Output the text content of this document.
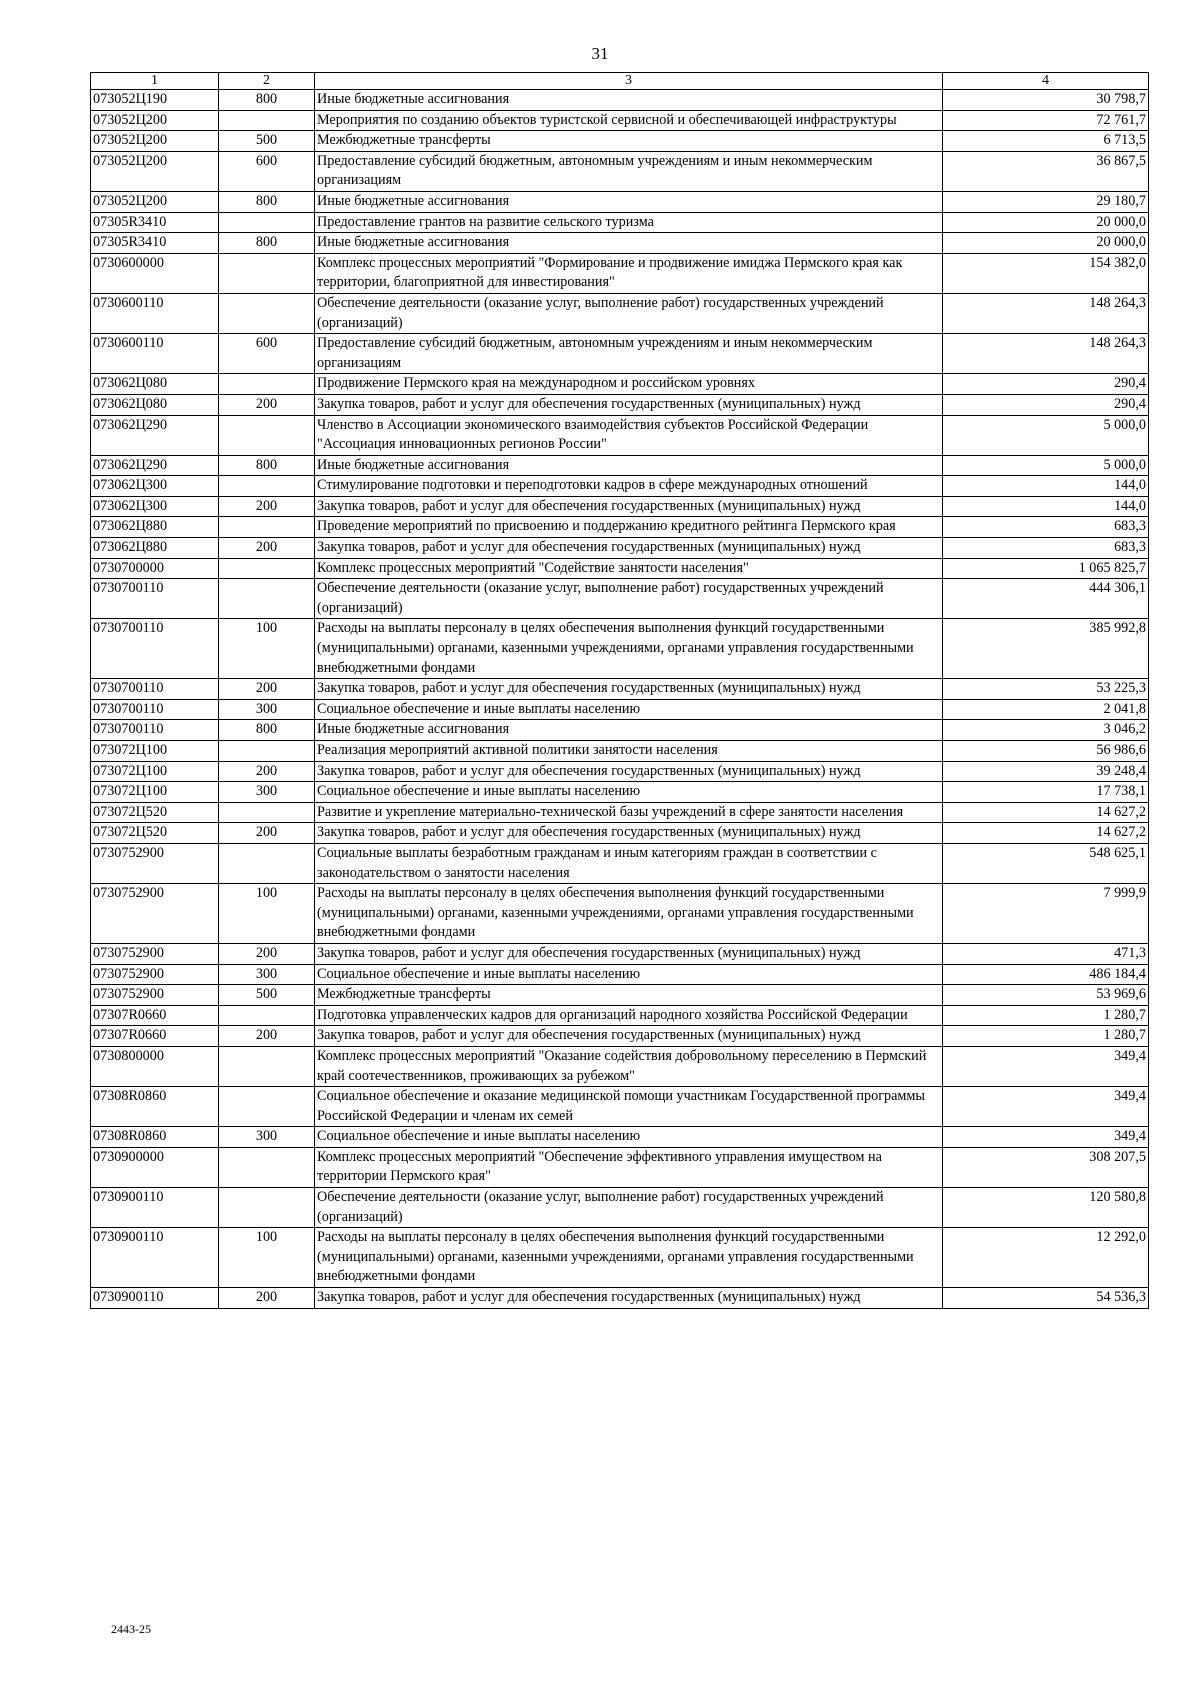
31
1	2	3	4
073052Ц190	800	Иные бюджетные ассигнования	30 798,7
073052Ц200		Мероприятия по созданию объектов туристской сервисной и обеспечивающей инфраструктуры	72 761,7
073052Ц200	500	Межбюджетные трансферты	6 713,5
073052Ц200	600	Предоставление субсидий бюджетным, автономным учреждениям и иным некоммерческим организациям	36 867,5
073052Ц200	800	Иные бюджетные ассигнования	29 180,7
07305R3410		Предоставление грантов на развитие сельского туризма	20 000,0
07305R3410	800	Иные бюджетные ассигнования	20 000,0
0730600000		Комплекс процессных мероприятий "Формирование и продвижение имиджа Пермского края как территории, благоприятной для инвестирования"	154 382,0
0730600110		Обеспечение деятельности (оказание услуг, выполнение работ) государственных учреждений (организаций)	148 264,3
0730600110	600	Предоставление субсидий бюджетным, автономным учреждениям и иным некоммерческим организациям	148 264,3
073062Ц080		Продвижение Пермского края на международном и российском уровнях	290,4
073062Ц080	200	Закупка товаров, работ и услуг для обеспечения государственных (муниципальных) нужд	290,4
073062Ц290		Членство в Ассоциации экономического взаимодействия субъектов Российской Федерации "Ассоциация инновационных регионов России"	5 000,0
073062Ц290	800	Иные бюджетные ассигнования	5 000,0
073062Ц300		Стимулирование подготовки и переподготовки кадров в сфере международных отношений	144,0
073062Ц300	200	Закупка товаров, работ и услуг для обеспечения государственных (муниципальных) нужд	144,0
073062Ц880		Проведение мероприятий по присвоению и поддержанию кредитного рейтинга Пермского края	683,3
073062Ц880	200	Закупка товаров, работ и услуг для обеспечения государственных (муниципальных) нужд	683,3
0730700000		Комплекс процессных мероприятий "Содействие занятости населения"	1 065 825,7
0730700110		Обеспечение деятельности (оказание услуг, выполнение работ) государственных учреждений (организаций)	444 306,1
0730700110	100	Расходы на выплаты персоналу в целях обеспечения выполнения функций государственными (муниципальными) органами, казенными учреждениями, органами управления государственными внебюджетными фондами	385 992,8
0730700110	200	Закупка товаров, работ и услуг для обеспечения государственных (муниципальных) нужд	53 225,3
0730700110	300	Социальное обеспечение и иные выплаты населению	2 041,8
0730700110	800	Иные бюджетные ассигнования	3 046,2
073072Ц100		Реализация мероприятий активной политики занятости населения	56 986,6
073072Ц100	200	Закупка товаров, работ и услуг для обеспечения государственных (муниципальных) нужд	39 248,4
073072Ц100	300	Социальное обеспечение и иные выплаты населению	17 738,1
073072Ц520		Развитие и укрепление материально-технической базы учреждений в сфере занятости населения	14 627,2
073072Ц520	200	Закупка товаров, работ и услуг для обеспечения государственных (муниципальных) нужд	14 627,2
0730752900		Социальные выплаты безработным гражданам и иным категориям граждан в соответствии с законодательством о занятости населения	548 625,1
0730752900	100	Расходы на выплаты персоналу в целях обеспечения выполнения функций государственными (муниципальными) органами, казенными учреждениями, органами управления государственными внебюджетными фондами	7 999,9
0730752900	200	Закупка товаров, работ и услуг для обеспечения государственных (муниципальных) нужд	471,3
0730752900	300	Социальное обеспечение и иные выплаты населению	486 184,4
0730752900	500	Межбюджетные трансферты	53 969,6
07307R0660		Подготовка управленческих кадров для организаций народного хозяйства Российской Федерации	1 280,7
07307R0660	200	Закупка товаров, работ и услуг для обеспечения государственных (муниципальных) нужд	1 280,7
0730800000		Комплекс процессных мероприятий "Оказание содействия добровольному переселению в Пермский край соотечественников, проживающих за рубежом"	349,4
07308R0860		Социальное обеспечение и оказание медицинской помощи участникам Государственной программы Российской Федерации и членам их семей	349,4
07308R0860	300	Социальное обеспечение и иные выплаты населению	349,4
0730900000		Комплекс процессных мероприятий "Обеспечение эффективного управления имуществом на территории Пермского края"	308 207,5
0730900110		Обеспечение деятельности (оказание услуг, выполнение работ) государственных учреждений (организаций)	120 580,8
0730900110	100	Расходы на выплаты персоналу в целях обеспечения выполнения функций государственными (муниципальными) органами, казенными учреждениями, органами управления государственными внебюджетными фондами	12 292,0
0730900110	200	Закупка товаров, работ и услуг для обеспечения государственных (муниципальных) нужд	54 536,3
2443-25
